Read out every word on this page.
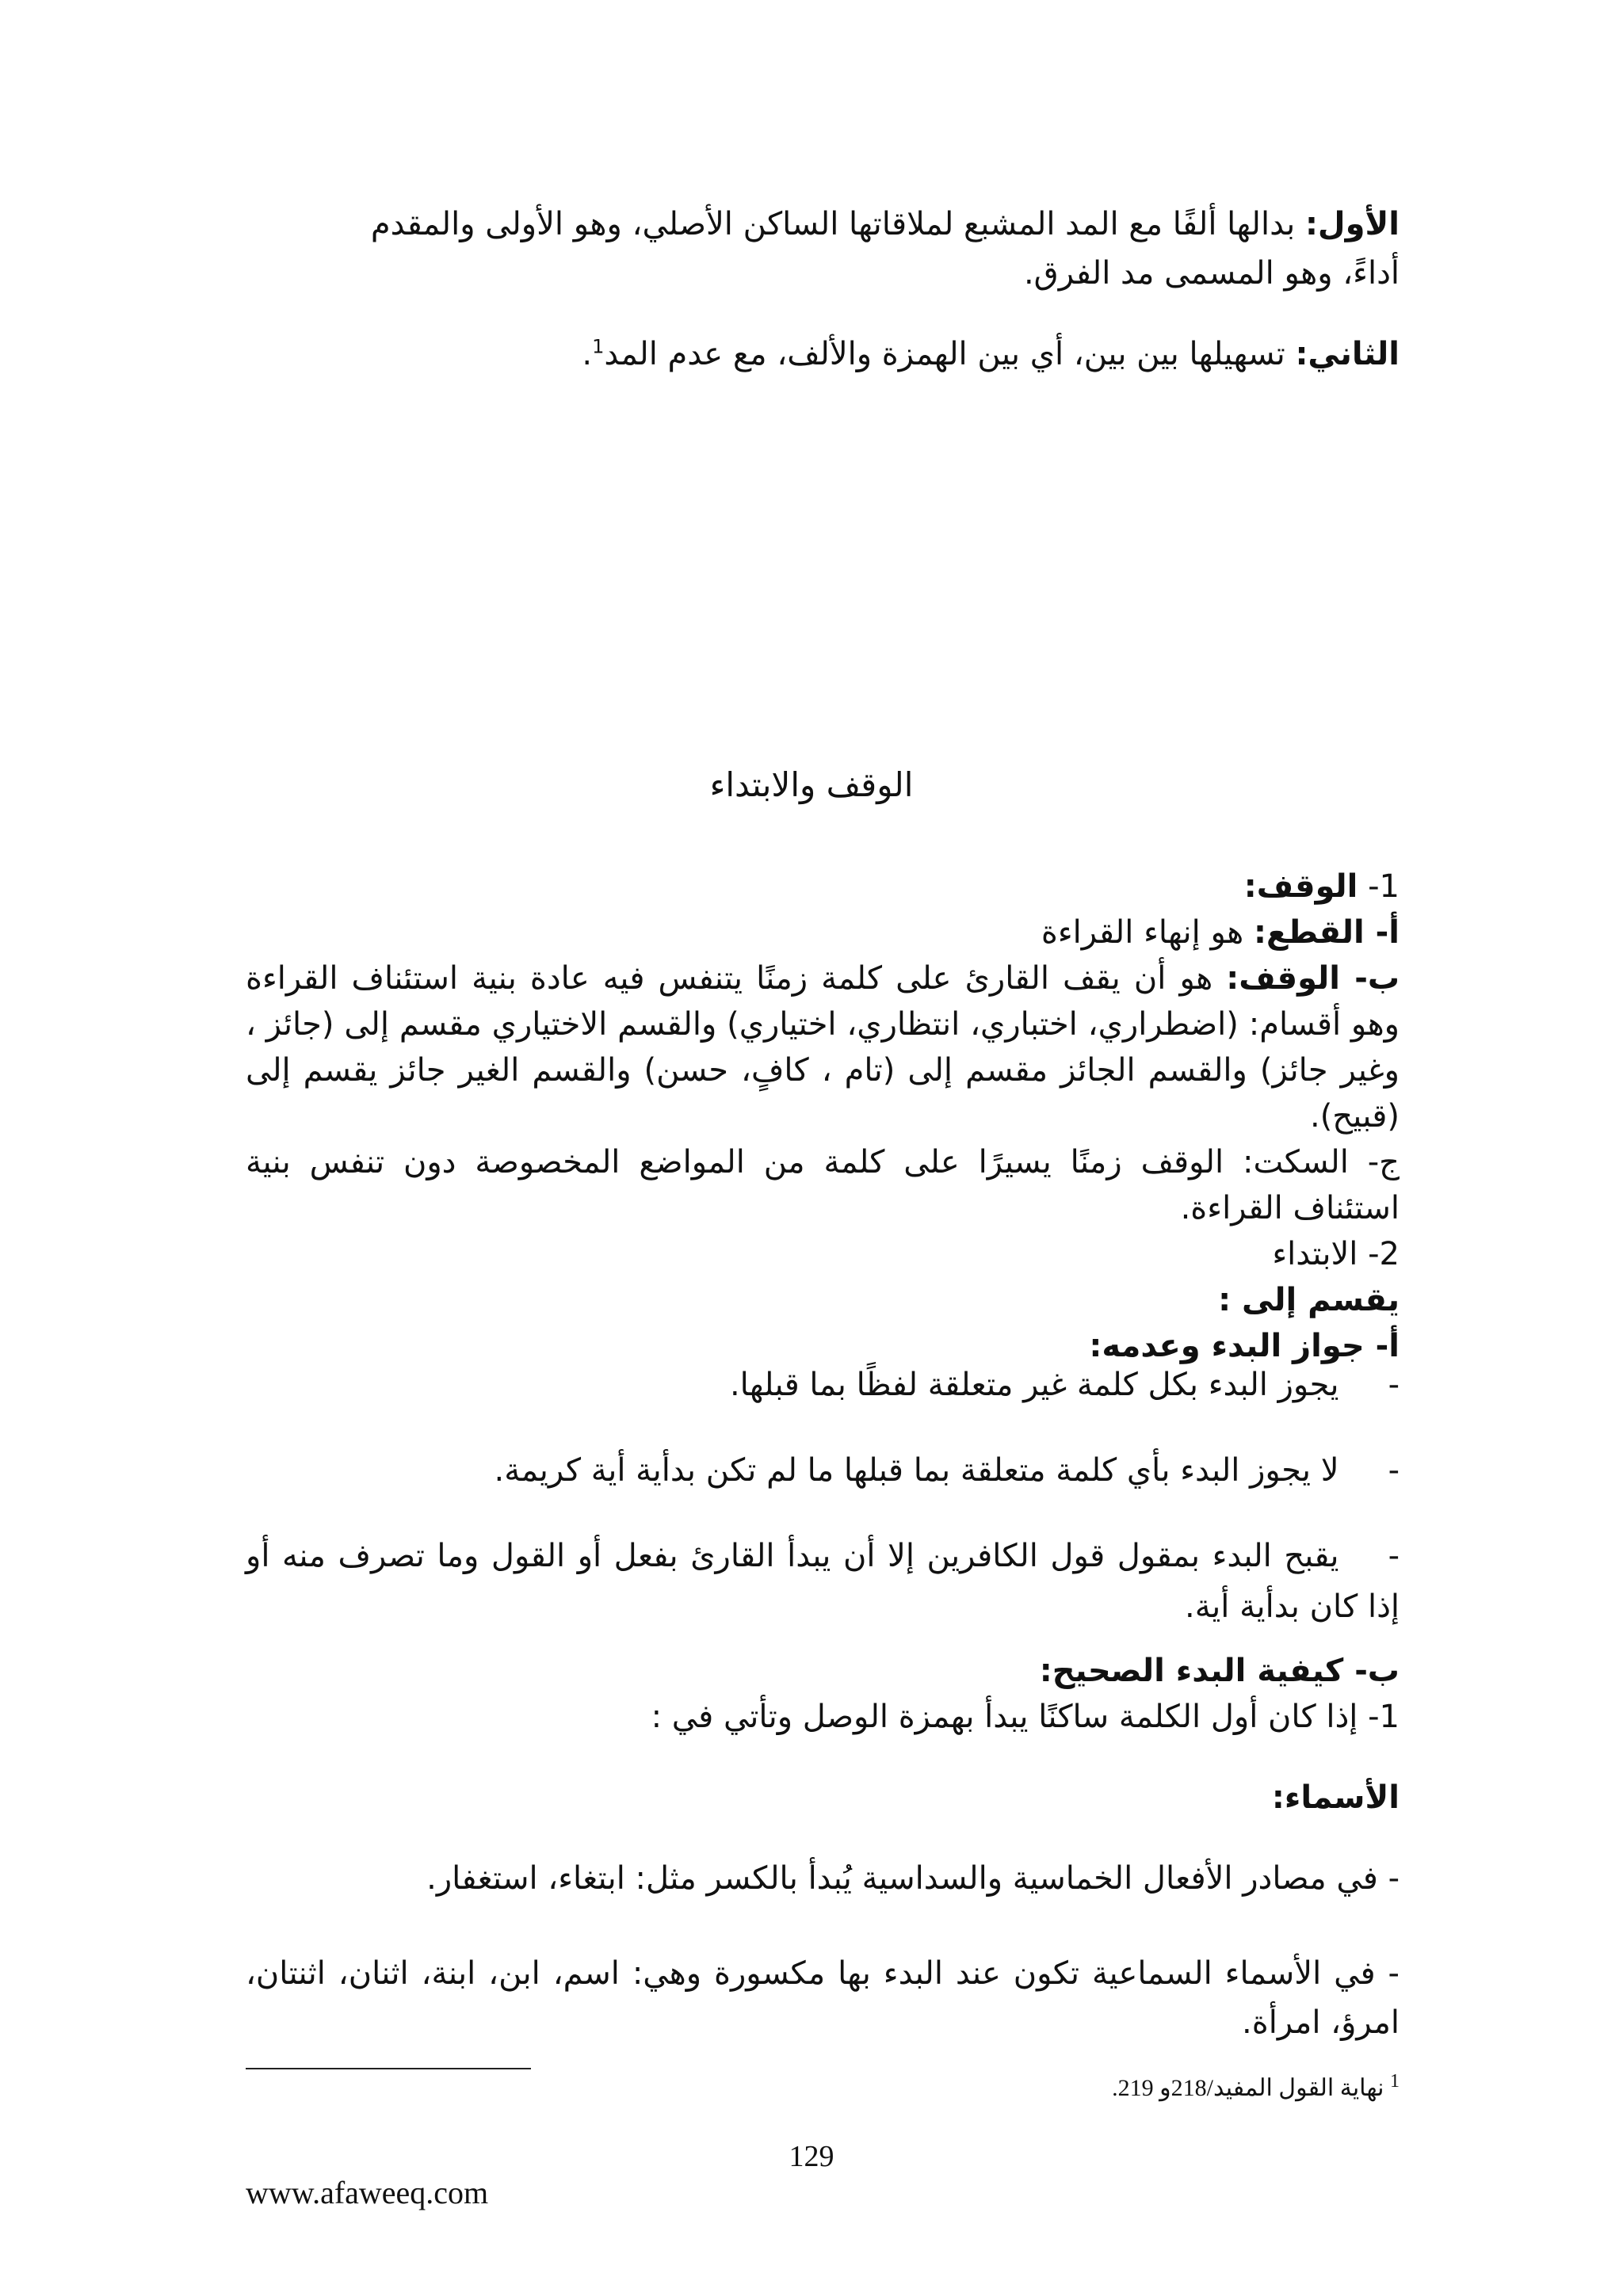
الأول: بدالها ألفًا مع المد المشبع لملاقاتها الساكن الأصلي، وهو الأولى والمقدم
أداءً، وهو المسمى مد الفرق.
الثاني: تسهيلها بين بين، أي بين الهمزة والألف، مع عدم المد$^1$.
الوقف والابتداء
1- الوقف:
أ- القطع: هو إنهاء القراءة
ب- الوقف: هو أن يقف القارئ على كلمة زمنًا يتنفس فيه عادة بنية استئناف القراءة وهو أقسام: (اضطراري، اختباري، انتظاري، اختياري) والقسم الاختياري مقسم إلى (جائز ، وغير جائز) والقسم الجائز مقسم إلى (تام ، كافٍ، حسن) والقسم الغير جائز يقسم إلى (قبيح).
ج- السكت: الوقف زمنًا يسيرًا على كلمة من المواضع المخصوصة دون تنفس بنية استئناف القراءة.
2- الابتداء
يقسم إلى :
أ- جواز البدء وعدمه:
-يجوز البدء بكل كلمة غير متعلقة لفظًا بما قبلها.
-لا يجوز البدء بأي كلمة متعلقة بما قبلها ما لم تكن بدأية أية كريمة.
-يقبح البدء بمقول قول الكافرين إلا أن يبدأ القارئ بفعل أو القول وما تصرف منه أو إذا كان بدأية أية.
ب- كيفية البدء الصحيح:
1- إذا كان أول الكلمة ساكنًا يبدأ بهمزة الوصل وتأتي في :
الأسماء:
- في مصادر الأفعال الخماسية والسداسية يُبدأ بالكسر مثل: ابتغاء، استغفار.
- في الأسماء السماعية تكون عند البدء بها مكسورة وهي: اسم، ابن، ابنة، اثنان، اثنتان، امرؤ، امرأة.
$^1$ نهاية القول المفيد/218و 219.
129
www.afaweeq.com
